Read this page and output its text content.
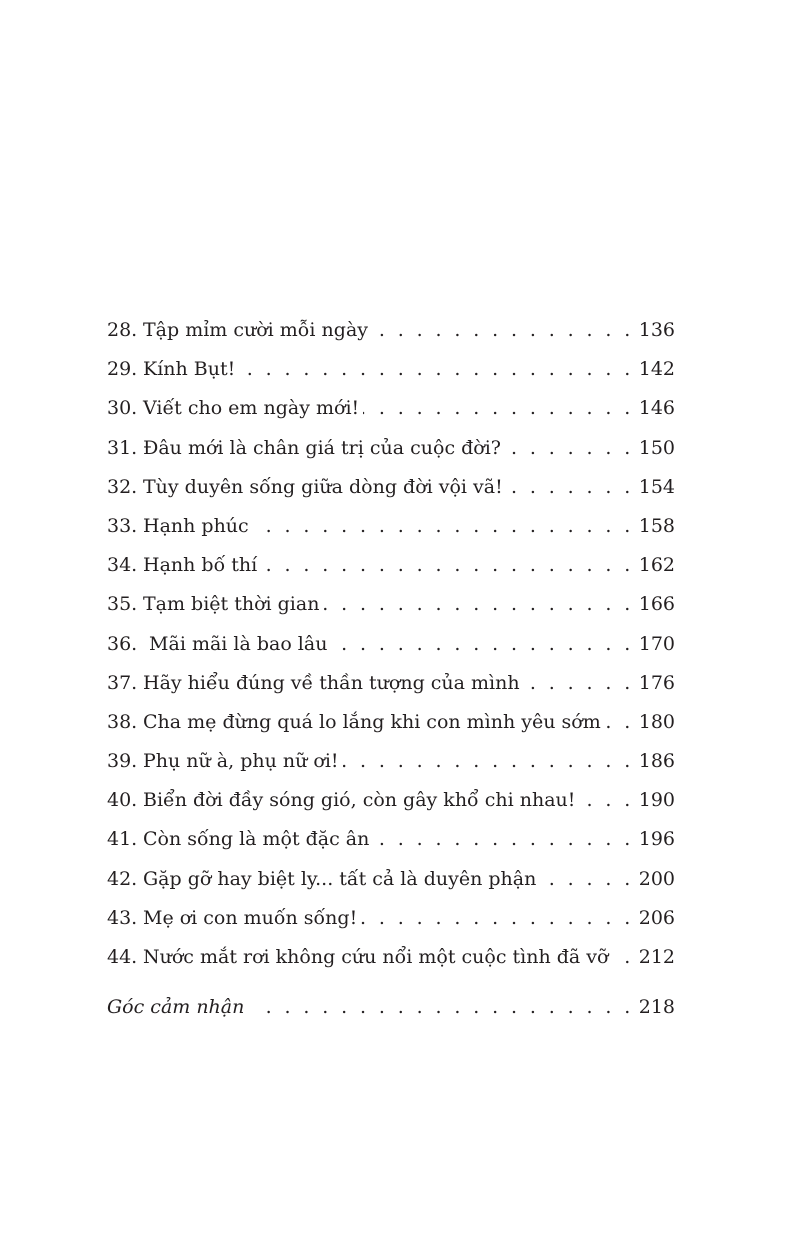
28. Tập mỉm cười mỗi ngày . . .	136
29. Kính Bụt! . . .	142
30. Viết cho em ngày mới! . . .	146
31. Đâu mới là chân giá trị của cuộc đời? . . .	150
32. Tùy duyên sống giữa dòng đời vội vã! . . .	154
33. Hạnh phúc . . .	158
34. Hạnh bố thí . . .	162
35. Tạm biệt thời gian . . .	166
36. Mãi mãi là bao lâu . . .	170
37. Hãy hiểu đúng về thần tượng của mình . . .	176
38. Cha mẹ đừng quá lo lắng khi con mình yêu sớm . . . 180
39. Phụ nữ à, phụ nữ ơi! . . .	186
40. Biển đời đầy sóng gió, còn gây khổ chi nhau! . . .	190
41. Còn sống là một đặc ân . . .	196
42. Gặp gỡ hay biệt ly... tất cả là duyên phận . . .	200
43. Mẹ ơi con muốn sống! . . .	206
44. Nước mắt rơi không cứu nổi một cuộc tình đã vỡ . . . 212
Góc cảm nhận . . .	218
